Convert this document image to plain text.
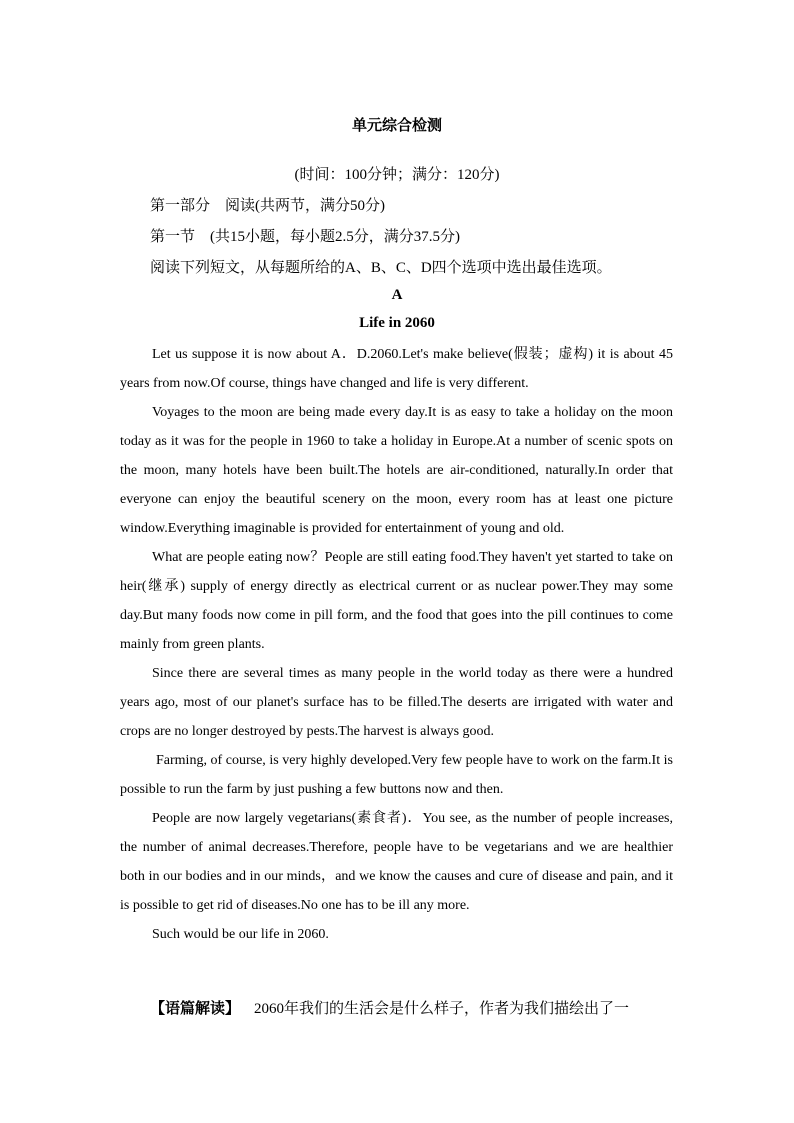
单元综合检测

(时间：100分钟；满分：120分)

第一部分　阅读(共两节，满分50分)

第一节　(共15小题，每小题2.5分，满分37.5分)

阅读下列短文，从每题所给的A、B、C、D四个选项中选出最佳选项。

A

Life in 2060

Let us suppose it is now about A．D.2060.Let's make believe(假装；虚构) it is about 45 years from now.Of course, things have changed and life is very different.

Voyages to the moon are being made every day.It is as easy to take a holiday on the moon today as it was for the people in 1960 to take a holiday in Europe.At a number of scenic spots on the moon, many hotels have been built.The hotels are air-conditioned, naturally.In order that everyone can enjoy the beautiful scenery on the moon, every room has at least one picture window.Everything imaginable is provided for entertainment of young and old.

What are people eating now？People are still eating food.They haven't yet started to take on heir(继承) supply of energy directly as electrical current or as nuclear power.They may some day.But many foods now come in pill form, and the food that goes into the pill continues to come mainly from green plants.

Since there are several times as many people in the world today as there were a hundred years ago, most of our planet's surface has to be filled.The deserts are irrigated with water and crops are no longer destroyed by pests.The harvest is always good.

Farming, of course, is very highly developed.Very few people have to work on the farm.It is possible to run the farm by just pushing a few buttons now and then.

People are now largely vegetarians(素食者)．You see, as the number of people increases, the number of animal decreases.Therefore, people have to be vegetarians and we are healthier both in our bodies and in our minds，and we know the causes and cure of disease and pain, and it is possible to get rid of diseases.No one has to be ill any more.

Such would be our life in 2060.

【语篇解读】 2060年我们的生活会是什么样子，作者为我们描绘出了一
